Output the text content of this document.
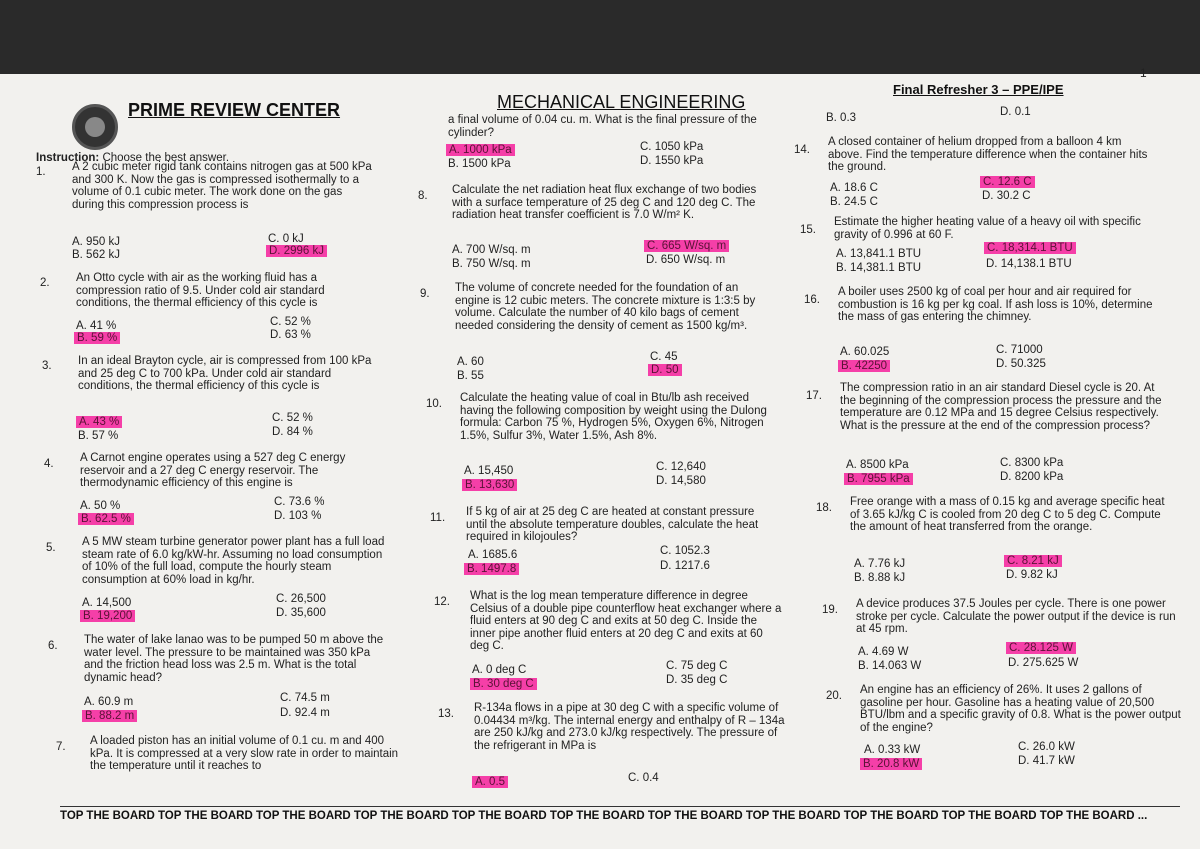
PRIME REVIEW CENTER	MECHANICAL ENGINEERING
Final Refresher 3 – PPE/IPE
1
Instruction: Choose the best answer.
1. A 2 cubic meter rigid tank contains nitrogen gas at 500 kPa and 300 K. Now the gas is compressed isothermally to a volume of 0.1 cubic meter. The work done on the gas during this compression process is
A. 950 kJ
B. 562 kJ
C. 0 kJ
D. 2996 kJ
2. An Otto cycle with air as the working fluid has a compression ratio of 9.5. Under cold air standard conditions, the thermal efficiency of this cycle is
A. 41 %
B. 59 %
C. 52 %
D. 63 %
3. In an ideal Brayton cycle, air is compressed from 100 kPa and 25 deg C to 700 kPa. Under cold air standard conditions, the thermal efficiency of this cycle is
A. 43 %
B. 57 %
C. 52 %
D. 84 %
4. A Carnot engine operates using a 527 deg C energy reservoir and a 27 deg C energy reservoir. The thermodynamic efficiency of this engine is
A. 50 %
B. 62.5 %
C. 73.6 %
D. 103 %
5. A 5 MW steam turbine generator power plant has a full load steam rate of 6.0 kg/kW-hr. Assuming no load consumption of 10% of the full load, compute the hourly steam consumption at 60% load in kg/hr.
A. 14,500
B. 19,200
C. 26,500
D. 35,600
6. The water of lake lanao was to be pumped 50 m above the water level. The pressure to be maintained was 350 kPa and the friction head loss was 2.5 m. What is the total dynamic head?
A. 60.9 m
B. 88.2 m
C. 74.5 m
D. 92.4 m
7. A loaded piston has an initial volume of 0.1 cu. m and 400 kPa. It is compressed at a very slow rate in order to maintain the temperature until it reaches to
a final volume of 0.04 cu. m. What is the final pressure of the cylinder?
A. 1000 kPa
B. 1500 kPa
C. 1050 kPa
D. 1550 kPa
8. Calculate the net radiation heat flux exchange of two bodies with a surface temperature of 25 deg C and 120 deg C. The radiation heat transfer coefficient is 7.0 W/m² K.
A. 700 W/sq. m
B. 750 W/sq. m
C. 665 W/sq. m
D. 650 W/sq. m
9. The volume of concrete needed for the foundation of an engine is 12 cubic meters. The concrete mixture is 1:3:5 by volume. Calculate the number of 40 kilo bags of cement needed considering the density of cement as 1500 kg/m³.
A. 60
B. 55
C. 45
D. 50
10. Calculate the heating value of coal in Btu/lb ash received having the following composition by weight using the Dulong formula: Carbon 75 %, Hydrogen 5%, Oxygen 6%, Nitrogen 1.5%, Sulfur 3%, Water 1.5%, Ash 8%.
A. 15,450
B. 13,630
C. 12,640
D. 14,580
11. If 5 kg of air at 25 deg C are heated at constant pressure until the absolute temperature doubles, calculate the heat required in kilojoules?
A. 1685.6
B. 1497.8
C. 1052.3
D. 1217.6
12. What is the log mean temperature difference in degree Celsius of a double pipe counterflow heat exchanger where a fluid enters at 90 deg C and exits at 50 deg C. Inside the inner pipe another fluid enters at 20 deg C and exits at 60 deg C.
A. 0 deg C
B. 30 deg C
C. 75 deg C
D. 35 deg C
13. R-134a flows in a pipe at 30 deg C with a specific volume of 0.04434 m³/kg. The internal energy and enthalpy of R – 134a are 250 kJ/kg and 273.0 kJ/kg respectively. The pressure of the refrigerant in MPa is
A. 0.5	C. 0.4
B. 0.3	D. 0.1
14.
A closed container of helium dropped from a balloon 4 km above. Find the temperature difference when the container hits the ground.
A. 18.6 C
B. 24.5 C
C. 12.6 C
D. 30.2 C
15.
Estimate the higher heating value of a heavy oil with specific gravity of 0.996 at 60 F.
A. 13,841.1 BTU
B. 14,381.1 BTU
C. 18,314.1 BTU
D. 14,138.1 BTU
16.
A boiler uses 2500 kg of coal per hour and air required for combustion is 16 kg per kg coal. If ash loss is 10%, determine the mass of gas entering the chimney.
A. 60.025
B. 42250
C. 71000
D. 50.325
17.
The compression ratio in an air standard Diesel cycle is 20. At the beginning of the compression process the pressure and the temperature are 0.12 MPa and 15 degree Celsius respectively. What is the pressure at the end of the compression process?
A. 8500 kPa
B. 7955 kPa
C. 8300 kPa
D. 8200 kPa
18. Free orange with a mass of 0.15 kg and average specific heat of 3.65 kJ/kg C is cooled from 20 deg C to 5 deg C. Compute the amount of heat transferred from the orange.
A. 7.76 kJ
B. 8.88 kJ
C. 8.21 kJ
D. 9.82 kJ
19. A device produces 37.5 Joules per cycle. There is one power stroke per cycle. Calculate the power output if the device is run at 45 rpm.
A. 4.69 W
B. 14.063 W
C. 28.125 W
D. 275.625 W
20. An engine has an efficiency of 26%. It uses 2 gallons of gasoline per hour. Gasoline has a heating value of 20,500 BTU/lbm and a specific gravity of 0.8. What is the power output of the engine?
A. 0.33 kW
B. 20.8 kW
C. 26.0 kW
D. 41.7 kW
TOP THE BOARD TOP THE BOARD TOP THE BOARD TOP THE BOARD TOP THE BOARD TOP THE BOARD TOP THE BOARD TOP THE BOARD TOP THE BOARD TOP THE BOARD TOP THE BOARD ...
